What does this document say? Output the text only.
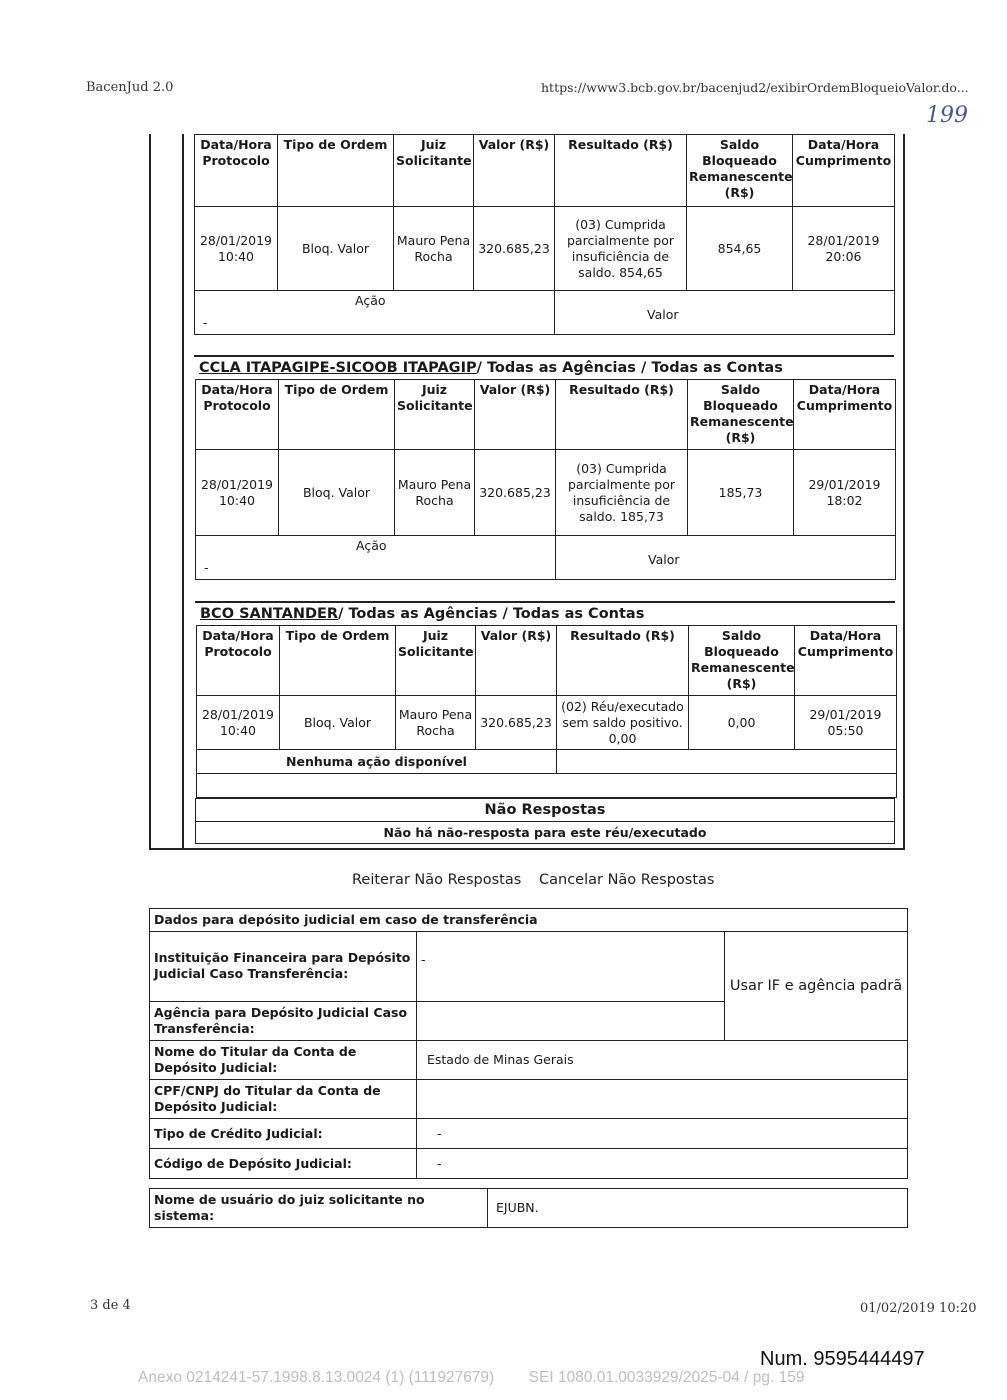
BacenJud 2.0	https://www3.bcb.gov.br/bacenjud2/exibirOrdemBloqueioValor.do...
199
Data/Hora Protocolo	Tipo de Ordem	Juiz Solicitante	Valor (R$)	Resultado (R$)	Saldo Bloqueado Remanescente (R$)	Data/Hora Cumprimento
28/01/2019 10:40	Bloq. Valor	Mauro Pena Rocha	320.685,23	(03) Cumprida parcialmente por insuficiência de saldo. 854,65	854,65	28/01/2019 20:06

Ação
-				Valor		
CCLA ITAPAGIPE-SICOOB ITAPAGIP/ Todas as Agências / Todas as Contas
Data/Hora Protocolo	Tipo de Ordem	Juiz Solicitante	Valor (R$)	Resultado (R$)	Saldo Bloqueado Remanescente (R$)	Data/Hora Cumprimento
28/01/2019 10:40	Bloq. Valor	Mauro Pena Rocha	320.685,23	(03) Cumprida parcialmente por insuficiência de saldo. 185,73	185,73	29/01/2019 18:02

Ação
-				Valor		
BCO SANTANDER/ Todas as Agências / Todas as Contas
Data/Hora Protocolo	Tipo de Ordem	Juiz Solicitante	Valor (R$)	Resultado (R$)	Saldo Bloqueado Remanescente (R$)	Data/Hora Cumprimento
28/01/2019 10:40	Bloq. Valor	Mauro Pena Rocha	320.685,23	(02) Réu/executado sem saldo positivo. 0,00	0,00	29/01/2019 05:50
Nenhuma ação disponível						

Não Respostas
Não há não-resposta para este réu/executado
Reiterar Não Respostas Cancelar Não Respostas
Dados para depósito judicial em caso de transferência		
Instituição Financeira para Depósito Judicial Caso Transferência:	-	Usar IF e agência padrã
Agência para Depósito Judicial Caso Transferência:		
Nome do Titular da Conta de Depósito Judicial:	Estado de Minas Gerais	
CPF/CNPJ do Titular da Conta de Depósito Judicial:		
Tipo de Crédito Judicial:	-	
Código de Depósito Judicial:	-	
Nome de usuário do juiz solicitante no sistema:	EJUBN.
3 de 4	01/02/2019 10:20
Num. 9595444497
Anexo 0214241-57.1998.8.13.0024 (1) (111927679)        SEI 1080.01.0033929/2025-04 / pg. 159
